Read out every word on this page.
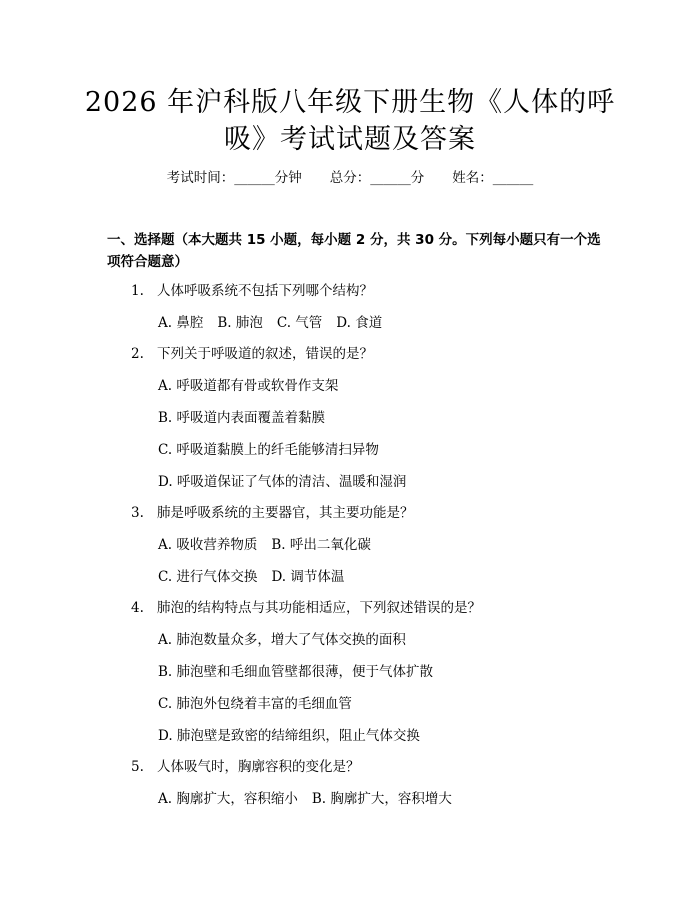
2026 年沪科版八年级下册生物《人体的呼
吸》考试试题及答案
考试时间：______分钟 总分：______分 姓名：______
一、选择题（本大题共 15 小题，每小题 2 分，共 30 分。下列每小题只有一个选
项符合题意）
1. 人体呼吸系统不包括下列哪个结构？
A. 鼻腔 B. 肺泡 C. 气管 D. 食道
2. 下列关于呼吸道的叙述，错误的是？
A. 呼吸道都有骨或软骨作支架
B. 呼吸道内表面覆盖着黏膜
C. 呼吸道黏膜上的纤毛能够清扫异物
D. 呼吸道保证了气体的清洁、温暖和湿润
3. 肺是呼吸系统的主要器官，其主要功能是？
A. 吸收营养物质 B. 呼出二氧化碳
C. 进行气体交换 D. 调节体温
4. 肺泡的结构特点与其功能相适应，下列叙述错误的是？
A. 肺泡数量众多，增大了气体交换的面积
B. 肺泡壁和毛细血管壁都很薄，便于气体扩散
C. 肺泡外包绕着丰富的毛细血管
D. 肺泡壁是致密的结缔组织，阻止气体交换
5. 人体吸气时，胸廓容积的变化是？
A. 胸廓扩大，容积缩小 B. 胸廓扩大，容积增大
